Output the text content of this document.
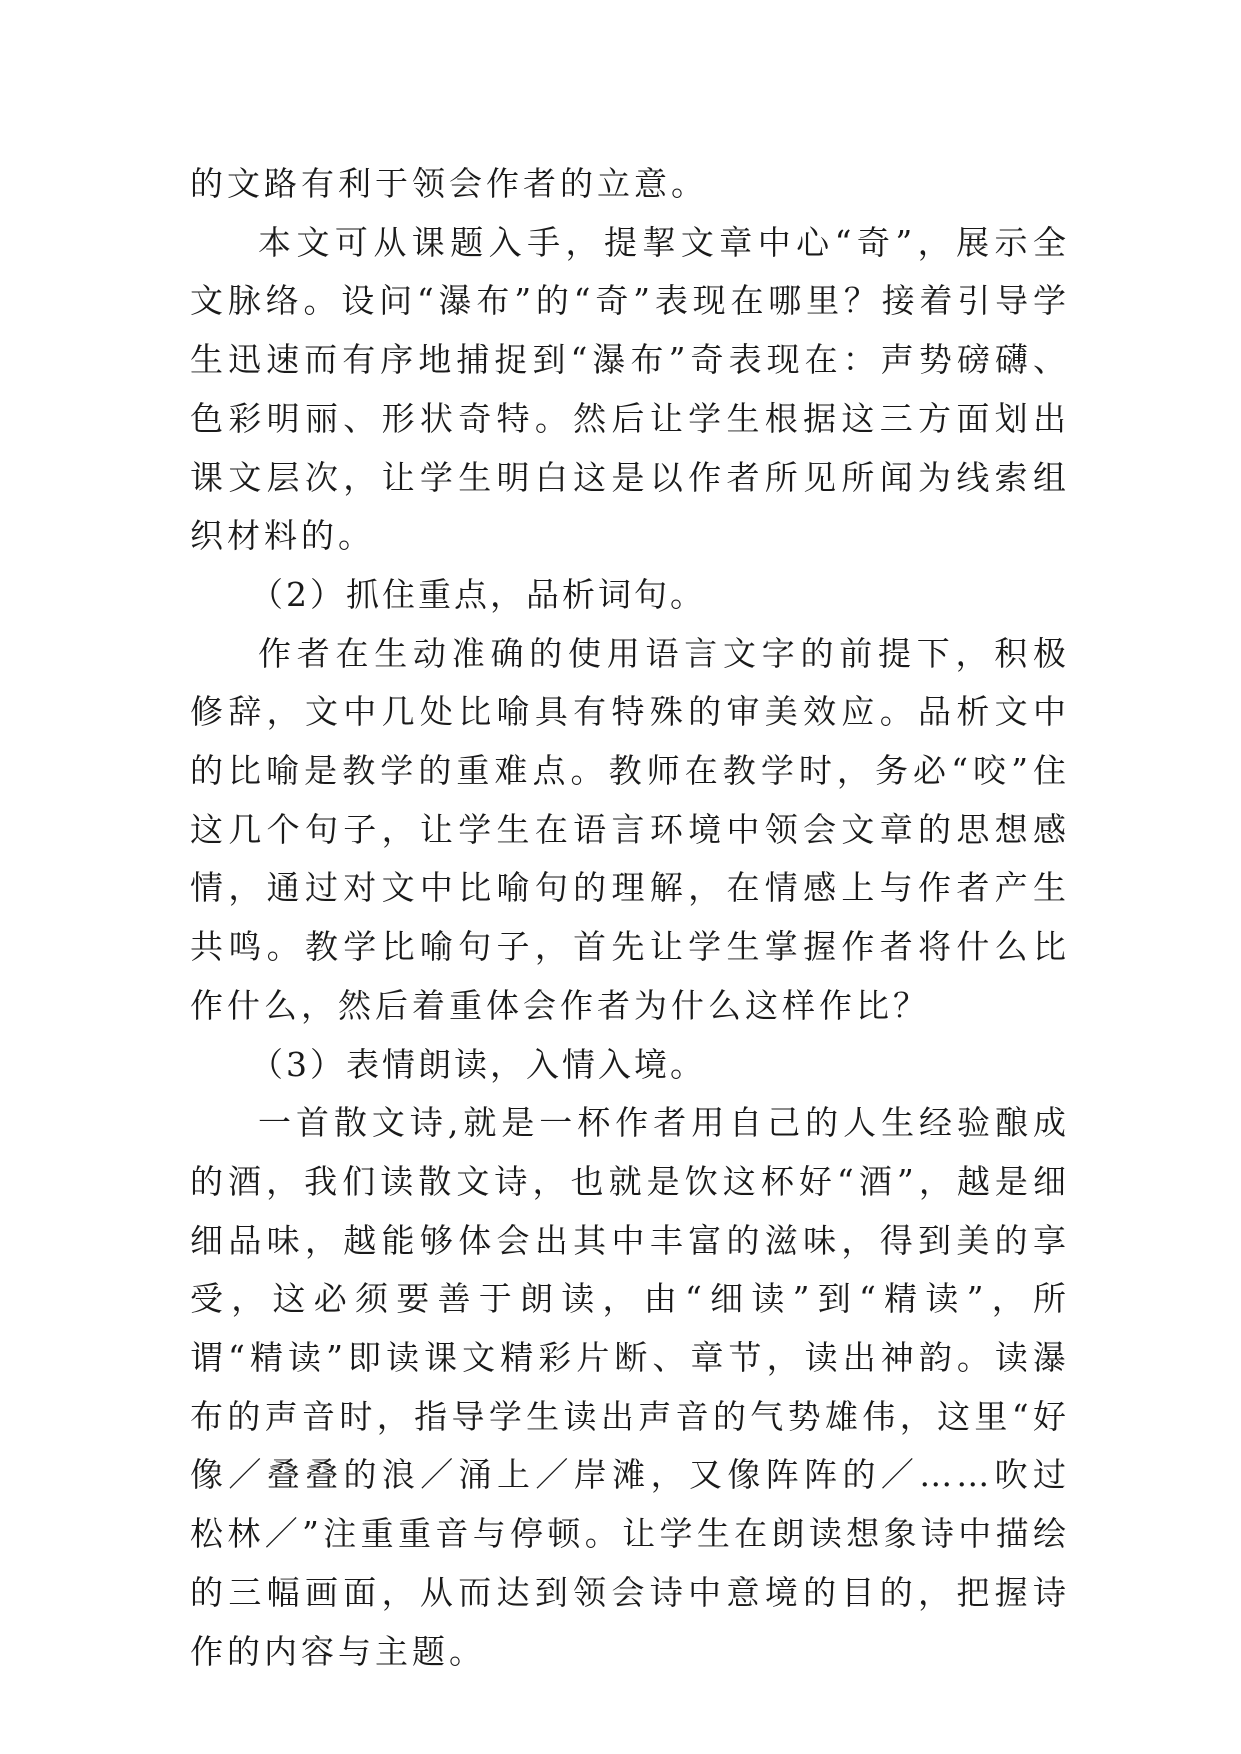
的文路有利于领会作者的立意。

本文可从课题入手，提挈文章中心“奇”，展示全文脉络。设问“瀑布”的“奇”表现在哪里？接着引导学生迅速而有序地捕捉到“瀑布”奇表现在：声势磅礴、色彩明丽、形状奇特。然后让学生根据这三方面划出课文层次，让学生明白这是以作者所见所闻为线索组织材料的。

（2）抓住重点，品析词句。

作者在生动准确的使用语言文字的前提下，积极修辞，文中几处比喻具有特殊的审美效应。品析文中的比喻是教学的重难点。教师在教学时，务必“咬”住这几个句子，让学生在语言环境中领会文章的思想感情，通过对文中比喻句的理解，在情感上与作者产生共鸣。教学比喻句子，首先让学生掌握作者将什么比作什么，然后着重体会作者为什么这样作比？

（3）表情朗读，入情入境。

一首散文诗,就是一杯作者用自己的人生经验酿成的酒，我们读散文诗，也就是饮这杯好“酒”，越是细细品味，越能够体会出其中丰富的滋味，得到美的享受，这必须要善于朗读，由“细读”到“精读”，所谓“精读”即读课文精彩片断、章节，读出神韵。读瀑布的声音时，指导学生读出声音的气势雄伟，这里“好像／叠叠的浪／涌上／岸滩，又像阵阵的／……吹过松林／”注重重音与停顿。让学生在朗读想象诗中描绘的三幅画面，从而达到领会诗中意境的目的，把握诗作的内容与主题。
